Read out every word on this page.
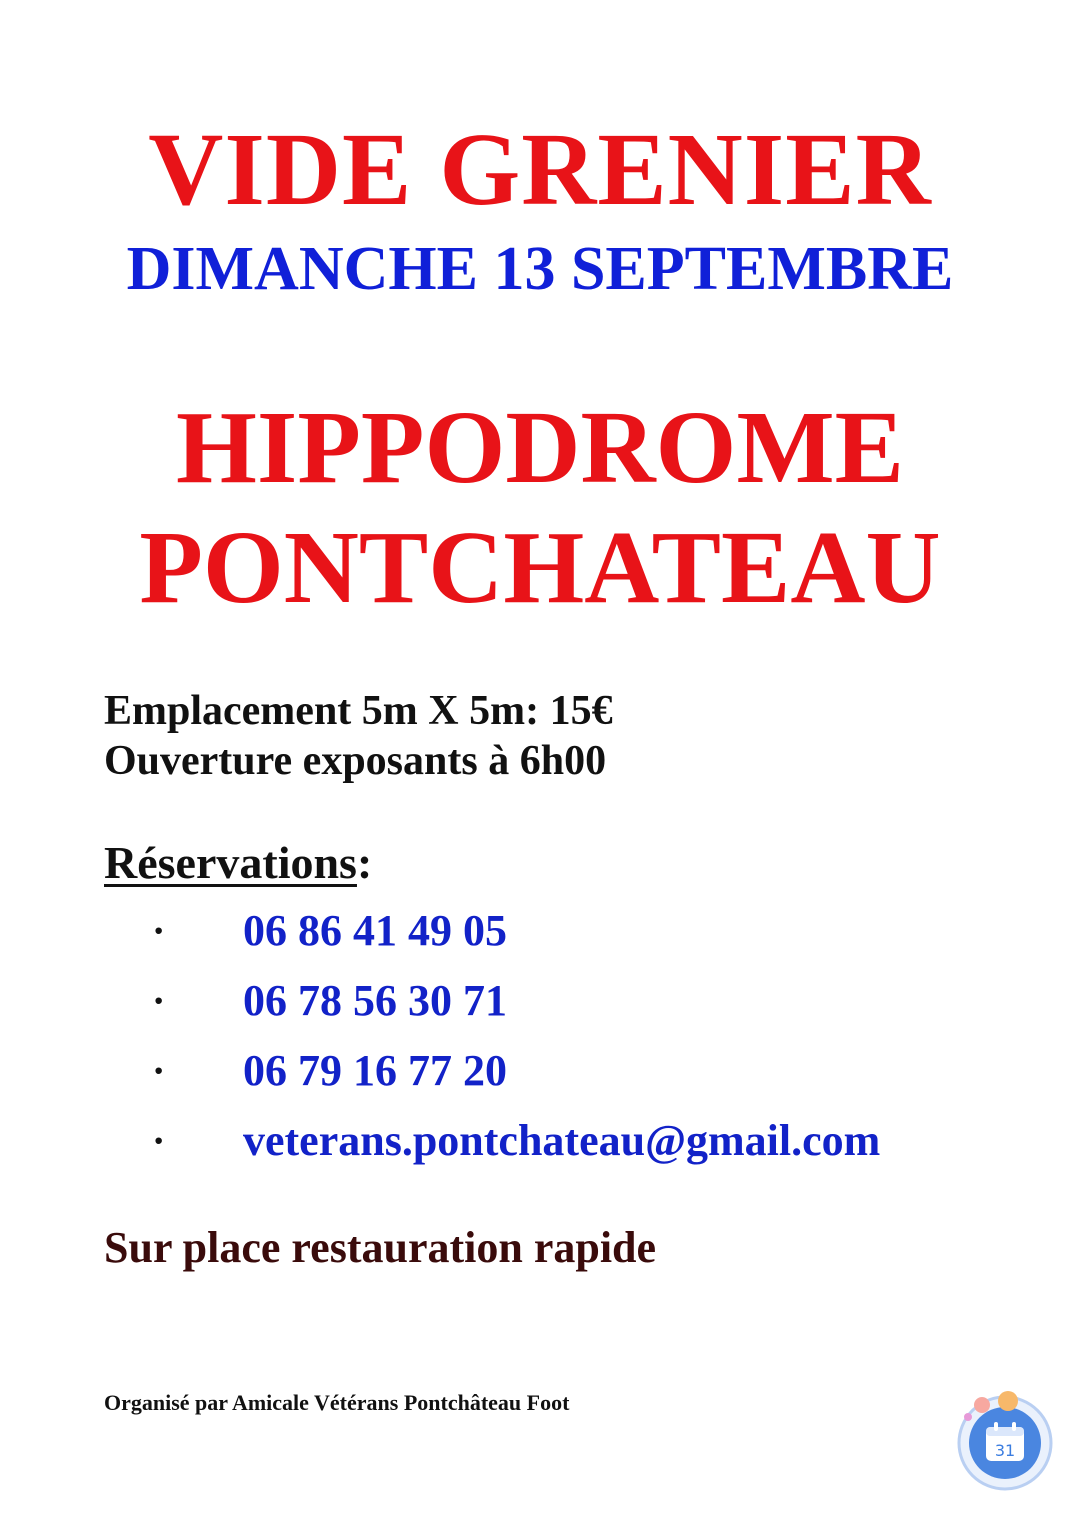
VIDE GRENIER
DIMANCHE 13 SEPTEMBRE
HIPPODROME
PONTCHATEAU
Emplacement 5m X 5m: 15€
Ouverture exposants à 6h00
Réservations:
· 06 86 41 49 05
· 06 78 56 30 71
· 06 79 16 77 20
· veterans.pontchateau@gmail.com
Sur place restauration rapide
Organisé par Amicale Vétérans Pontchâteau Foot
31
